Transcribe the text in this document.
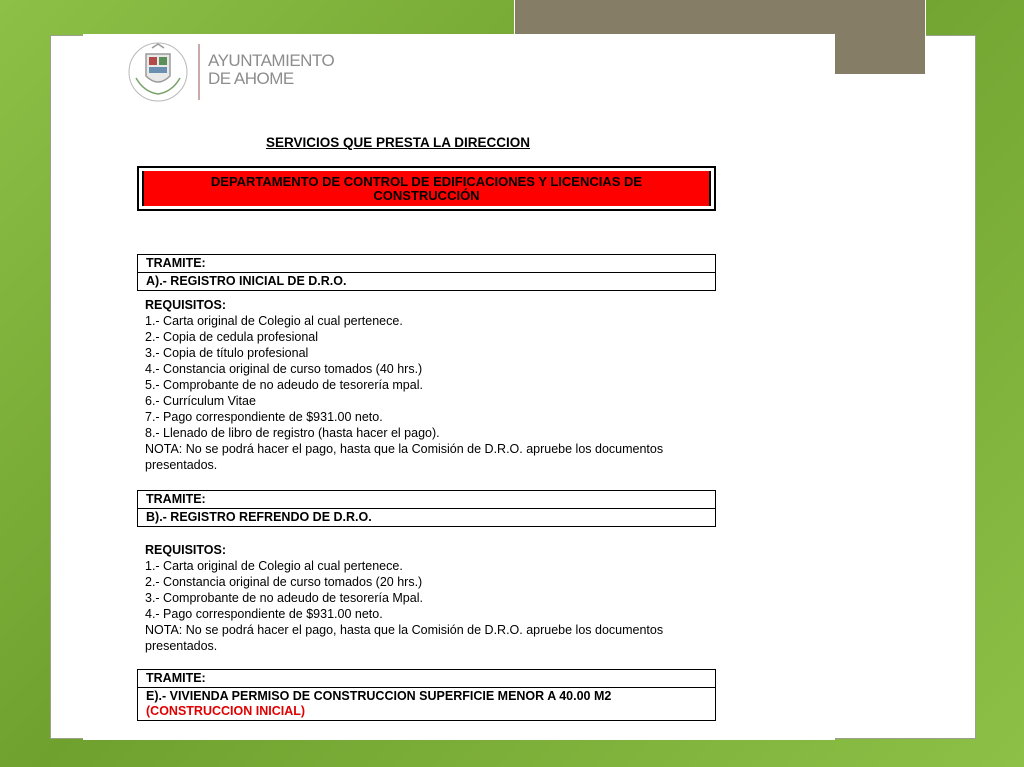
AYUNTAMIENTO
DE AHOME
SERVICIOS QUE PRESTA LA DIRECCION
DEPARTAMENTO DE CONTROL DE EDIFICACIONES Y LICENCIAS DE CONSTRUCCIÓN
TRAMITE:
A).- REGISTRO INICIAL DE D.R.O.
REQUISITOS:
1.- Carta original de Colegio al cual pertenece.
2.- Copia de cedula profesional
3.- Copia de título profesional
4.- Constancia original de curso tomados (40 hrs.)
5.- Comprobante de no adeudo de tesorería mpal.
6.- Currículum Vitae
7.- Pago correspondiente de $931.00 neto.
8.- Llenado de libro de registro (hasta hacer el pago).
NOTA: No se podrá hacer el pago, hasta que la Comisión de D.R.O. apruebe los documentos
presentados.
TRAMITE:
B).- REGISTRO REFRENDO DE D.R.O.
REQUISITOS:
1.- Carta original de Colegio al cual pertenece.
2.- Constancia original de curso tomados (20 hrs.)
3.- Comprobante de no adeudo de tesorería Mpal.
4.- Pago correspondiente de $931.00 neto.
NOTA: No se podrá hacer el pago, hasta que la Comisión de D.R.O. apruebe los documentos
presentados.
TRAMITE:
E).- VIVIENDA PERMISO DE CONSTRUCCION SUPERFICIE MENOR A 40.00 M2
(CONSTRUCCION INICIAL)
